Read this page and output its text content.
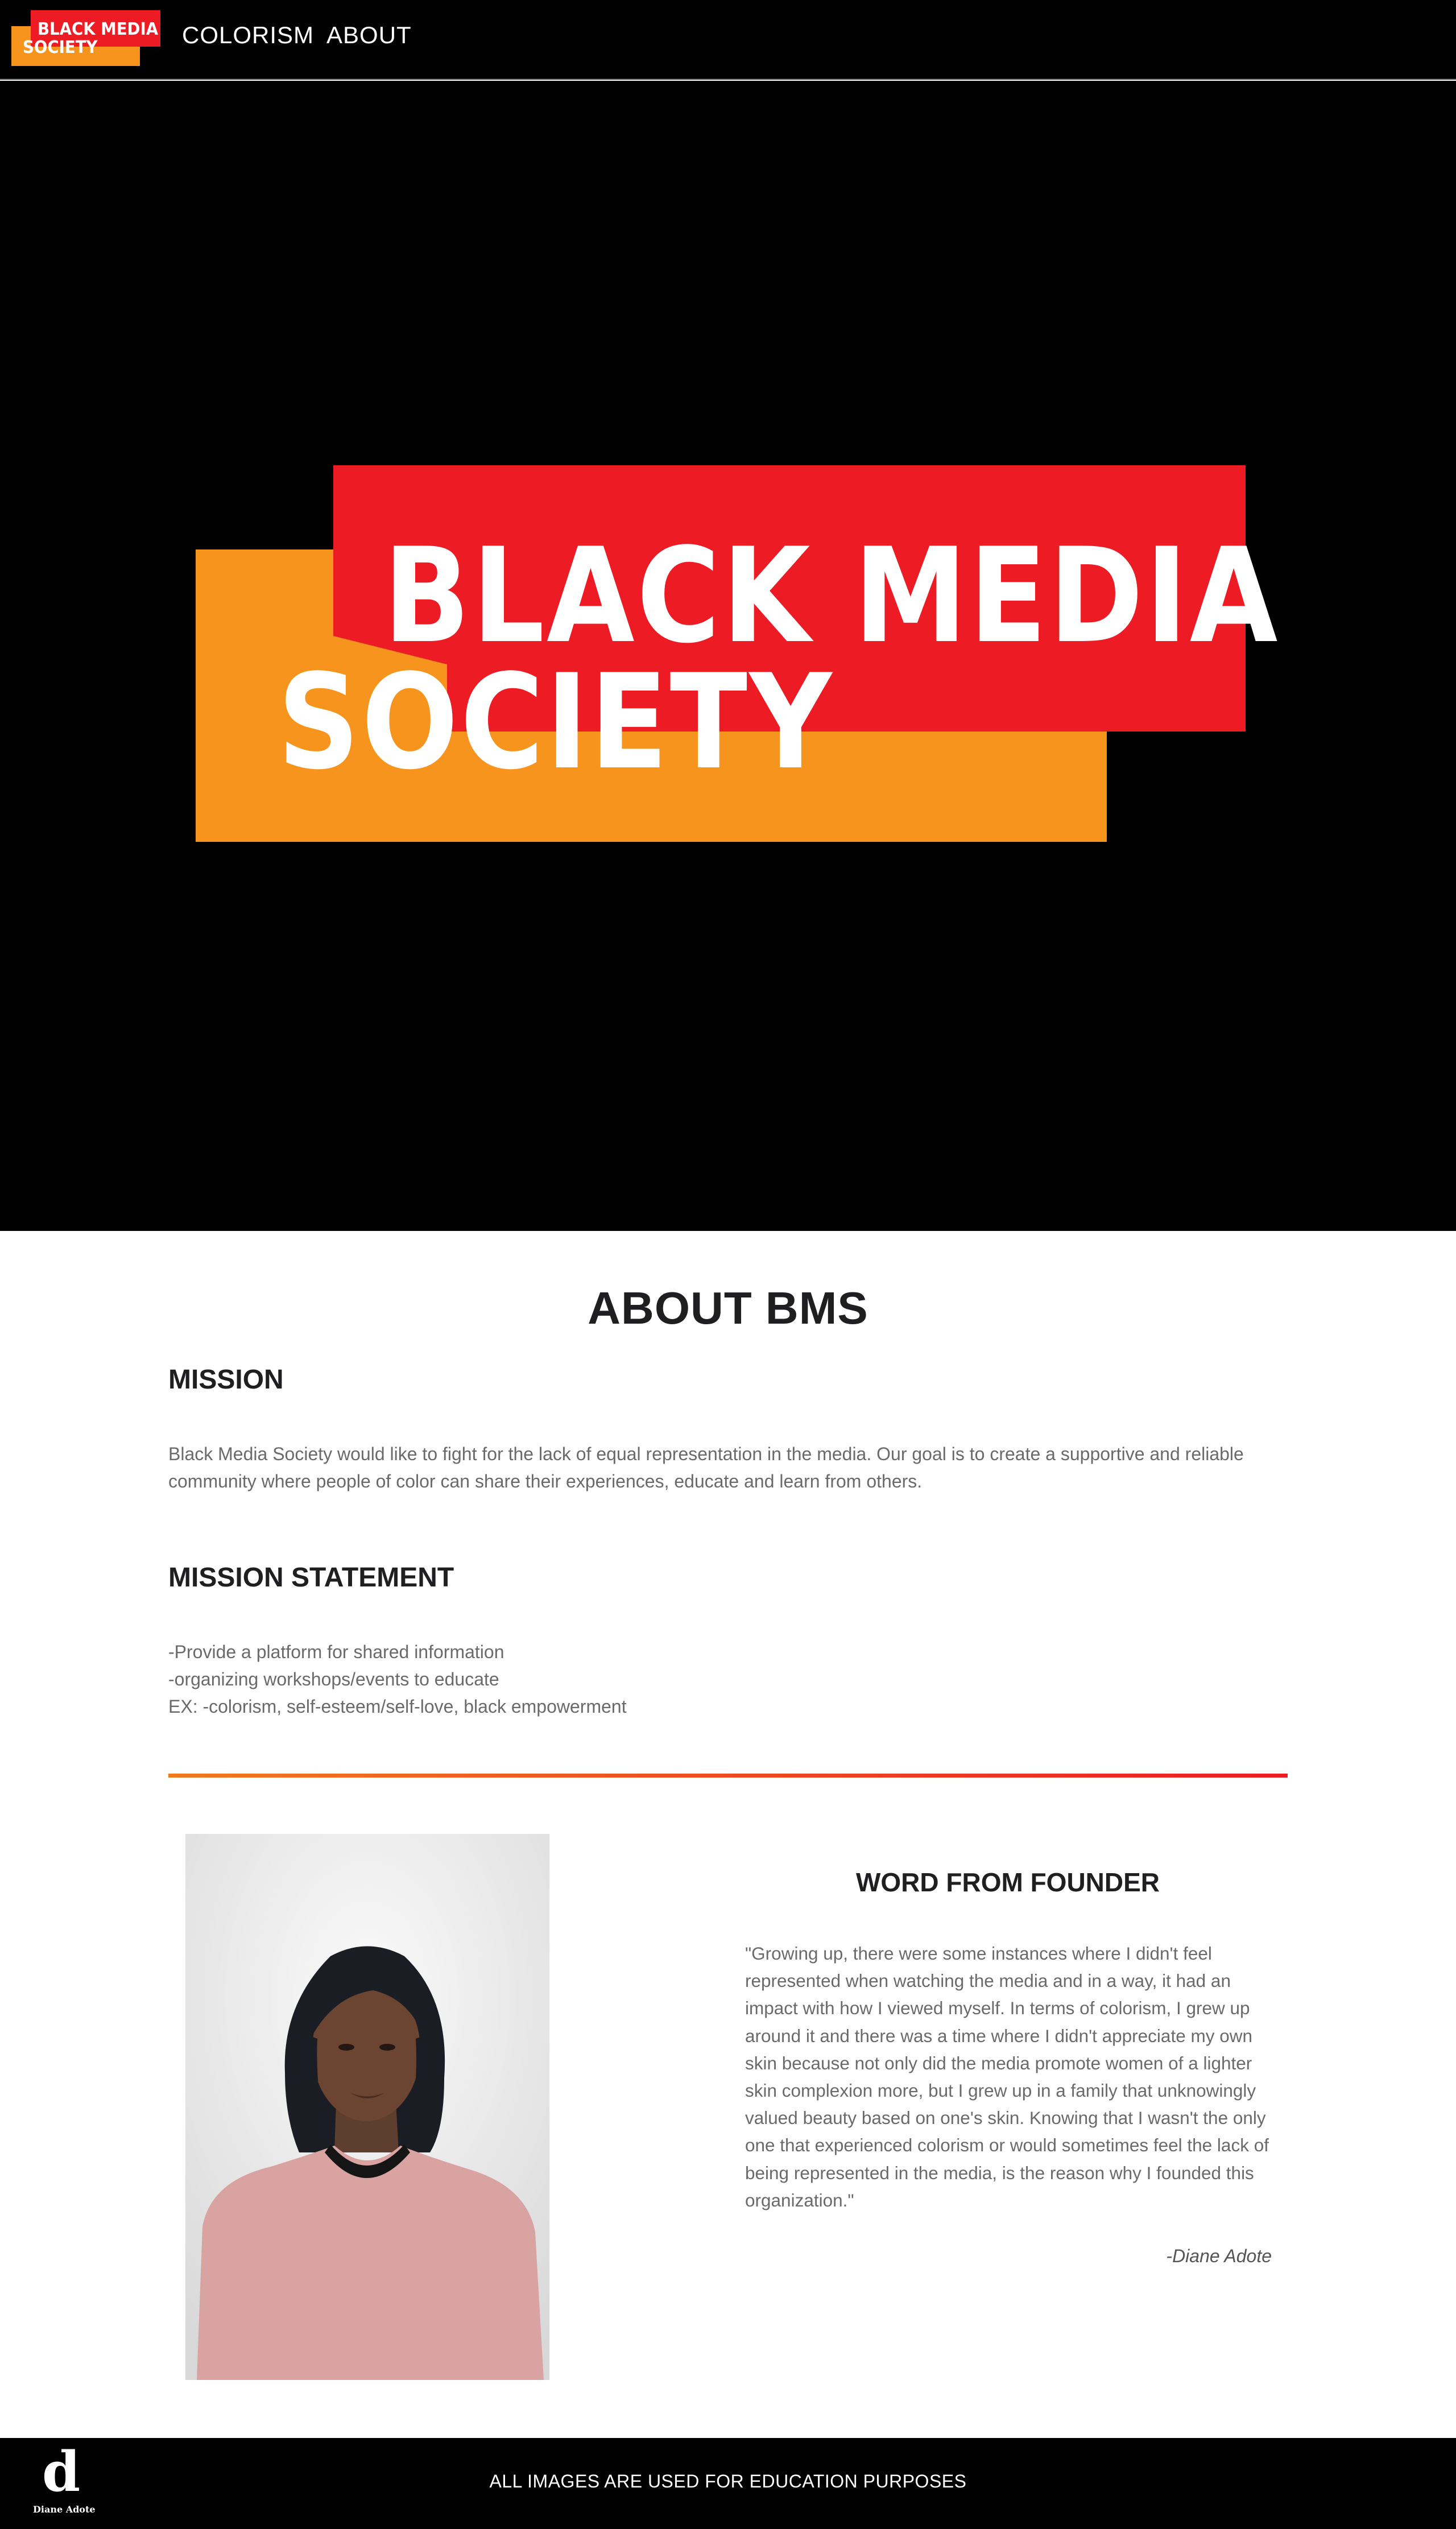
BLACK MEDIA
SOCIETY	COLORISM ABOUT
BLACK MEDIA
SOCIETY
ABOUT BMS
MISSION

Black Media Society would like to fight for the lack of equal representation in the media. Our goal is to create a supportive and reliable community where people of color can share their experiences, educate and learn from others.

MISSION STATEMENT
-Provide a platform for shared information
-organizing workshops/events to educate
EX: -colorism, self-esteem/self-love, black empowerment
WORD FROM FOUNDER

"Growing up, there were some instances where I didn't feel represented when watching the media and in a way, it had an impact with how I viewed myself. In terms of colorism, I grew up around it and there was a time where I didn't appreciate my own skin because not only did the media promote women of a lighter skin complexion more, but I grew up in a family that unknowingly valued beauty based on one's skin. Knowing that I wasn't the only one that experienced colorism or would sometimes feel the lack of being represented in the media, is the reason why I founded this organization."

-Diane Adote

d
Diane Adote
ALL IMAGES ARE USED FOR EDUCATION PURPOSES
